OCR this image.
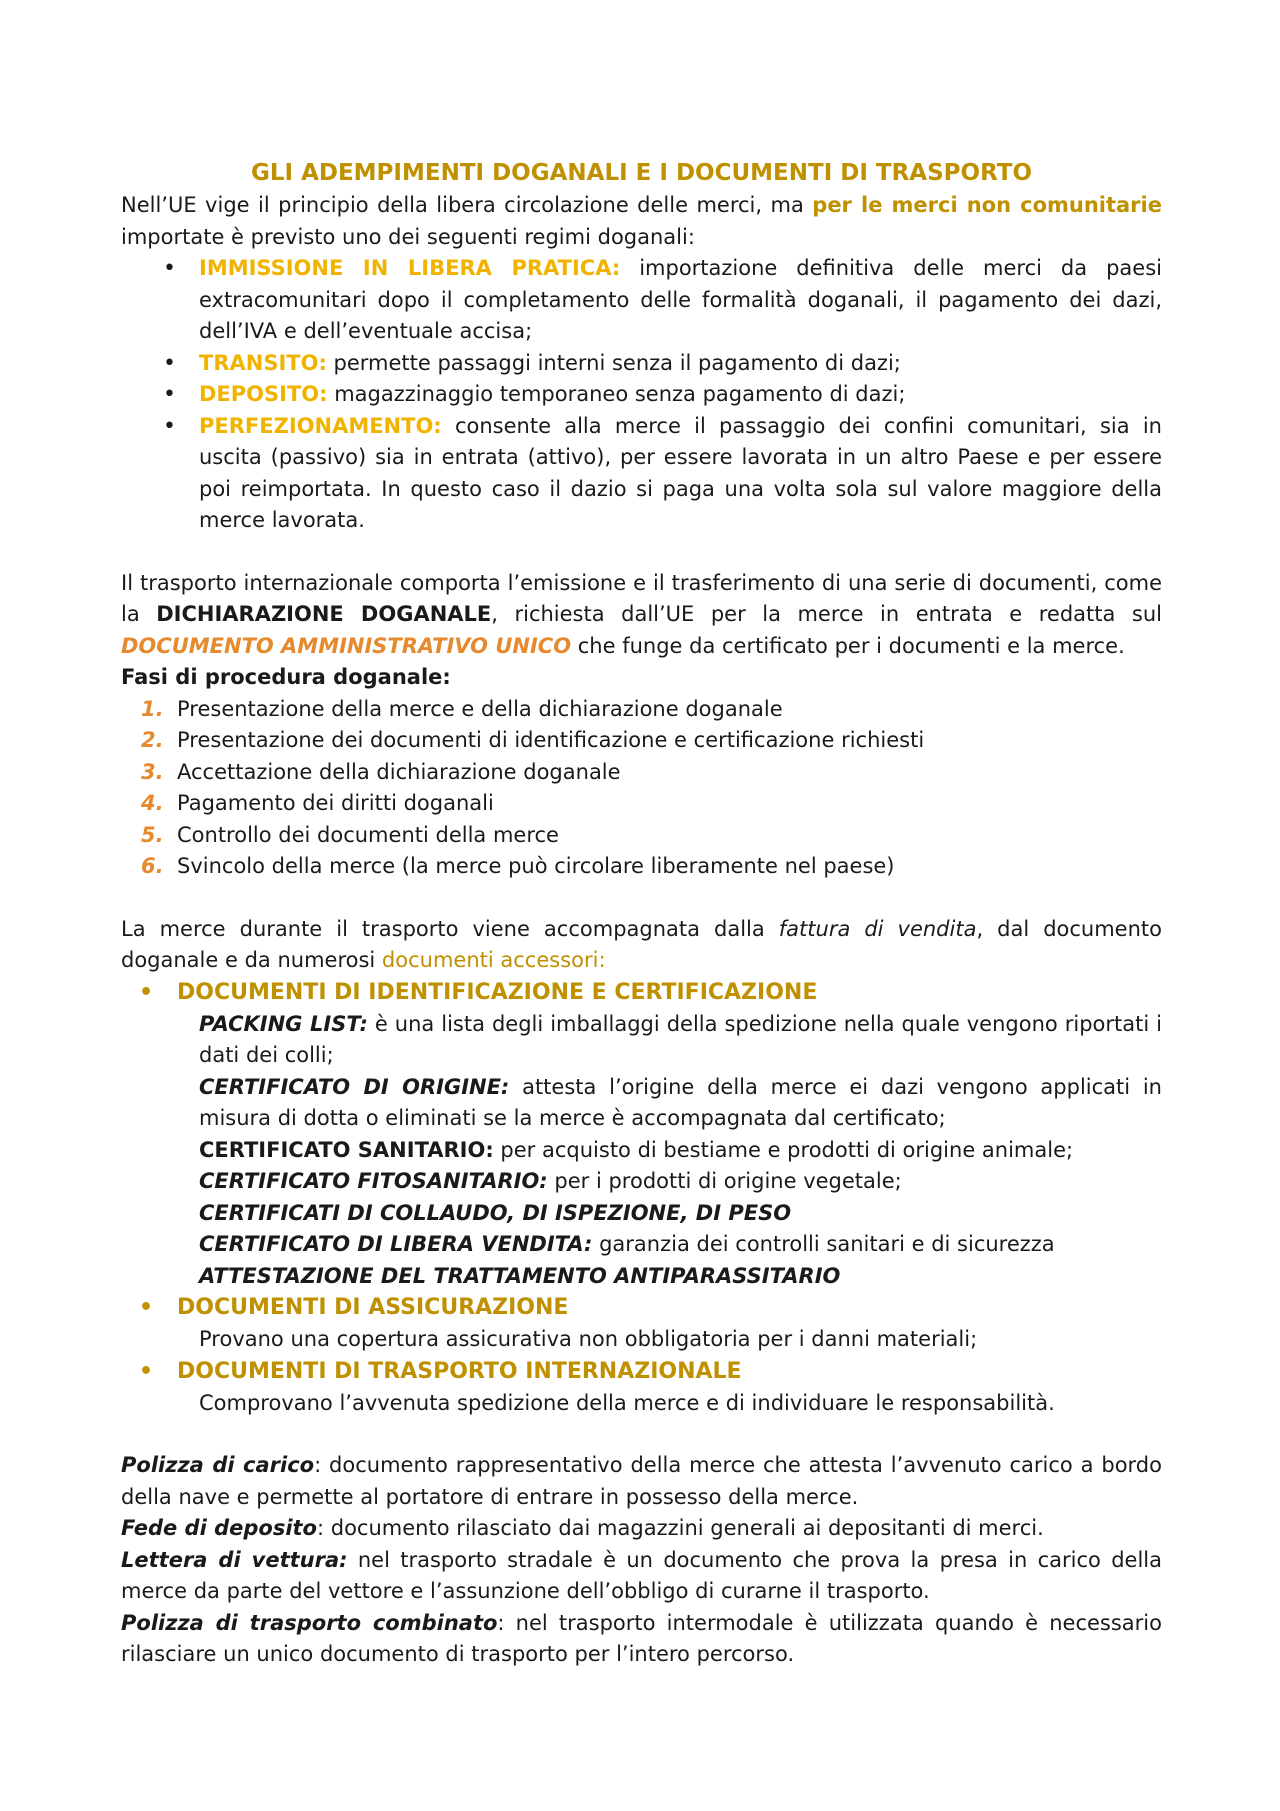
GLI ADEMPIMENTI DOGANALI E I DOCUMENTI DI TRASPORTO

Nell’UE vige il principio della libera circolazione delle merci, ma per le merci non comunitarie importate è previsto uno dei seguenti regimi doganali:

• IMMISSIONE IN LIBERA PRATICA: importazione definitiva delle merci da paesi extracomunitari dopo il completamento delle formalità doganali, il pagamento dei dazi, dell’IVA e dell’eventuale accisa;
• TRANSITO: permette passaggi interni senza il pagamento di dazi;
• DEPOSITO: magazzinaggio temporaneo senza pagamento di dazi;
• PERFEZIONAMENTO: consente alla merce il passaggio dei confini comunitari, sia in uscita (passivo) sia in entrata (attivo), per essere lavorata in un altro Paese e per essere poi reimportata. In questo caso il dazio si paga una volta sola sul valore maggiore della merce lavorata.

Il trasporto internazionale comporta l’emissione e il trasferimento di una serie di documenti, come la DICHIARAZIONE DOGANALE, richiesta dall’UE per la merce in entrata e redatta sul DOCUMENTO AMMINISTRATIVO UNICO che funge da certificato per i documenti e la merce.

Fasi di procedura doganale:

1. Presentazione della merce e della dichiarazione doganale
2. Presentazione dei documenti di identificazione e certificazione richiesti
3. Accettazione della dichiarazione doganale
4. Pagamento dei diritti doganali
5. Controllo dei documenti della merce
6. Svincolo della merce (la merce può circolare liberamente nel paese)

La merce durante il trasporto viene accompagnata dalla fattura di vendita, dal documento doganale e da numerosi documenti accessori:

• DOCUMENTI DI IDENTIFICAZIONE E CERTIFICAZIONE

PACKING LIST: è una lista degli imballaggi della spedizione nella quale vengono riportati i dati dei colli;

CERTIFICATO DI ORIGINE: attesta l’origine della merce ei dazi vengono applicati in misura di dotta o eliminati se la merce è accompagnata dal certificato;

CERTIFICATO SANITARIO: per acquisto di bestiame e prodotti di origine animale;

CERTIFICATO FITOSANITARIO: per i prodotti di origine vegetale;

CERTIFICATI DI COLLAUDO, DI ISPEZIONE, DI PESO

CERTIFICATO DI LIBERA VENDITA: garanzia dei controlli sanitari e di sicurezza

ATTESTAZIONE DEL TRATTAMENTO ANTIPARASSITARIO

• DOCUMENTI DI ASSICURAZIONE

Provano una copertura assicurativa non obbligatoria per i danni materiali;

• DOCUMENTI DI TRASPORTO INTERNAZIONALE

Comprovano l’avvenuta spedizione della merce e di individuare le responsabilità.

Polizza di carico: documento rappresentativo della merce che attesta l’avvenuto carico a bordo della nave e permette al portatore di entrare in possesso della merce.

Fede di deposito: documento rilasciato dai magazzini generali ai depositanti di merci.

Lettera di vettura: nel trasporto stradale è un documento che prova la presa in carico della merce da parte del vettore e l’assunzione dell’obbligo di curarne il trasporto.

Polizza di trasporto combinato: nel trasporto intermodale è utilizzata quando è necessario rilasciare un unico documento di trasporto per l’intero percorso.
